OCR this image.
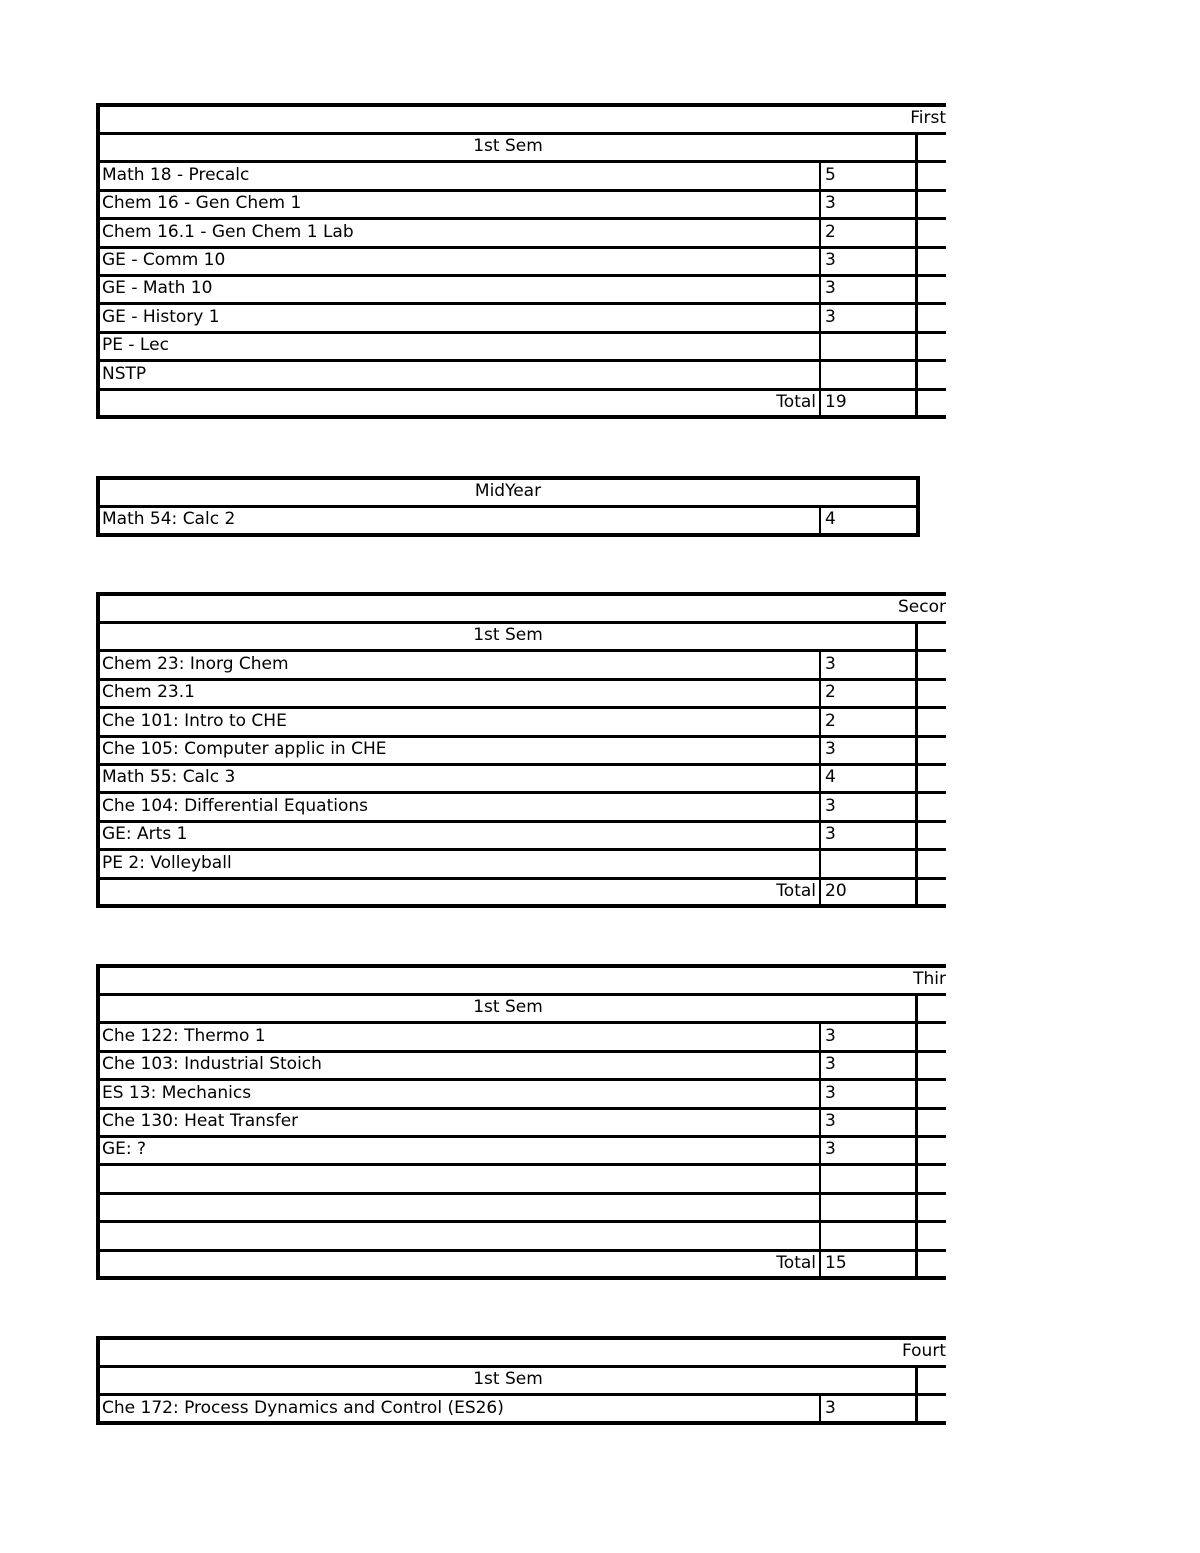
First
1st Sem
Math 18 - Precalc	5
Chem 16 - Gen Chem 1	3
Chem 16.1 - Gen Chem 1 Lab	2
GE - Comm 10	3
GE - Math 10	3
GE - History 1	3
PE - Lec
NSTP
Total 19
MidYear
Math 54: Calc 2	4
Secor
1st Sem
Chem 23: Inorg Chem	3
Chem 23.1	2
Che 101: Intro to CHE	2
Che 105: Computer applic in CHE	3
Math 55: Calc 3	4
Che 104: Differential Equations	3
GE: Arts 1	3
PE 2: Volleyball
Total 20
Thir
1st Sem
Che 122: Thermo 1	3
Che 103: Industrial Stoich	3
ES 13: Mechanics	3
Che 130: Heat Transfer	3
GE: ?	3
Total 15
Fourt
1st Sem
Che 172: Process Dynamics and Control (ES26)	3
